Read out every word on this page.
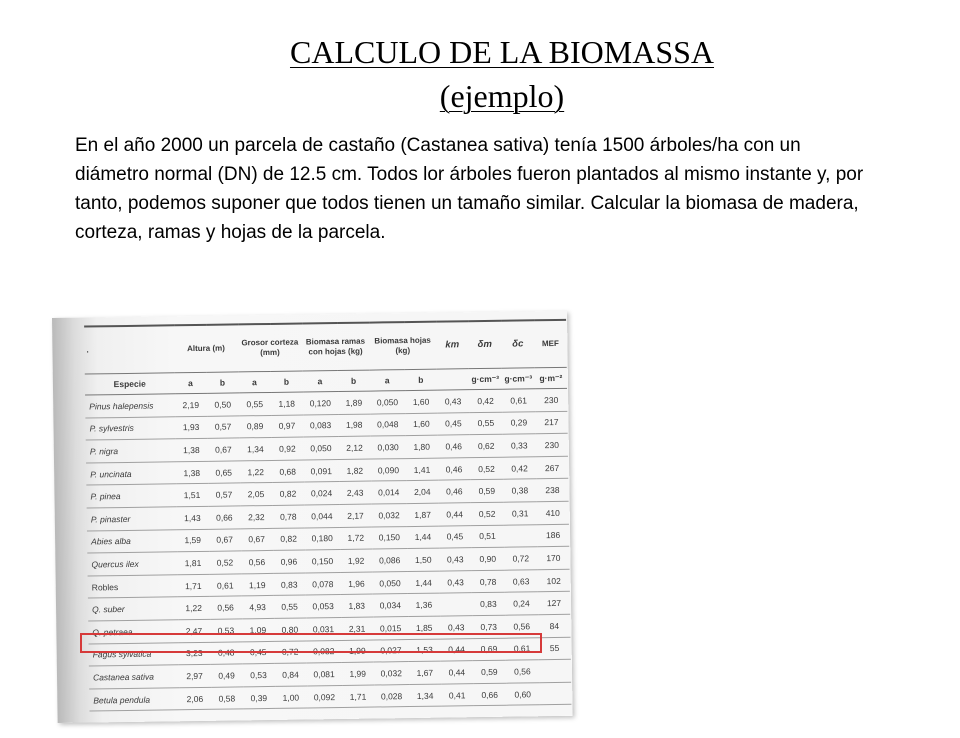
CALCULO DE LA BIOMASSA
(ejemplo)
En el año 2000 un parcela de castaño (Castanea sativa) tenía 1500 árboles/ha con un diámetro normal (DN) de 12.5 cm. Todos lor árboles fueron plantados al mismo instante y, por tanto, podemos suponer que todos tienen un tamaño similar. Calcular la biomasa de madera, corteza, ramas y hojas de la parcela.
.	Altura (m)		Grosor corteza (mm)		Biomasa ramas con hojas (kg)		Biomasa hojas (kg)		km	δm	δc	MEF
Especie	a	b	a	b	a	b	a	b		g·cm⁻³	g·cm⁻³	g·m⁻²
Pinus halepensis	2,19	0,50	0,55	1,18	0,120	1,89	0,050	1,60	0,43	0,42	0,61	230
P. sylvestris	1,93	0,57	0,89	0,97	0,083	1,98	0,048	1,60	0,45	0,55	0,29	217
P. nigra	1,38	0,67	1,34	0,92	0,050	2,12	0,030	1,80	0,46	0,62	0,33	230
P. uncinata	1,38	0,65	1,22	0,68	0,091	1,82	0,090	1,41	0,46	0,52	0,42	267
P. pinea	1,51	0,57	2,05	0,82	0,024	2,43	0,014	2,04	0,46	0,59	0,38	238
P. pinaster	1,43	0,66	2,32	0,78	0,044	2,17	0,032	1,87	0,44	0,52	0,31	410
Abies alba	1,59	0,67	0,67	0,82	0,180	1,72	0,150	1,44	0,45	0,51		186
Quercus ilex	1,81	0,52	0,56	0,96	0,150	1,92	0,086	1,50	0,43	0,90	0,72	170
Robles	1,71	0,61	1,19	0,83	0,078	1,96	0,050	1,44	0,43	0,78	0,63	102
Q. suber	1,22	0,56	4,93	0,55	0,053	1,83	0,034	1,36		0,83	0,24	127
Q. petraea	2,47	0,53	1,09	0,80	0,031	2,31	0,015	1,85	0,43	0,73	0,56	84
Fagus sylvatica	3,23	0,48	0,45	0,72	0,082	1,99	0,027	1,53	0,44	0,69	0,61	55
Castanea sativa	2,97	0,49	0,53	0,84	0,081	1,99	0,032	1,67	0,44	0,59	0,56	
Betula pendula	2,06	0,58	0,39	1,00	0,092	1,71	0,028	1,34	0,41	0,66	0,60	
